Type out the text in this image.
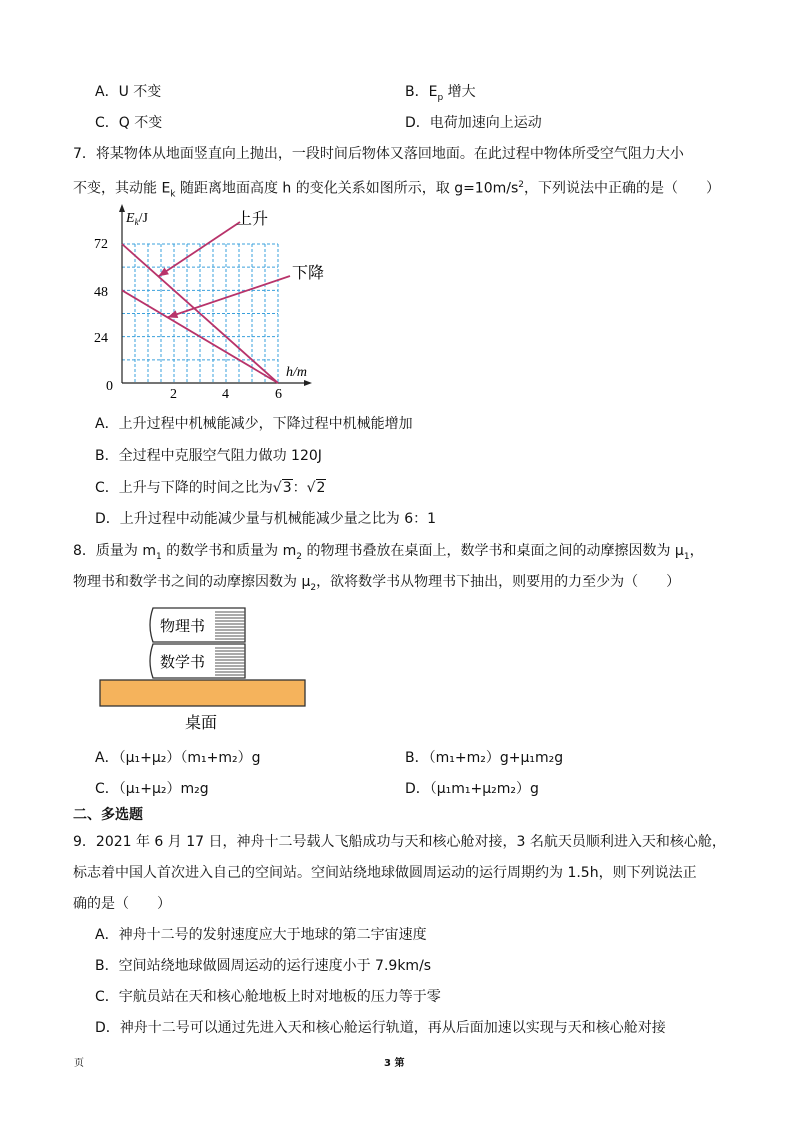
A．U 不变	B．$E_p$ 增大
C．Q 不变	D．电荷加速向上运动
7．将某物体从地面竖直向上抛出，一段时间后物体又落回地面。在此过程中物体所受空气阻力大小
不变，其动能 $E_k$ 随距离地面高度 h 的变化关系如图所示，取 $g=10m/s^2$，下列说法中正确的是（　　）
$E_k/J$
h/m
72
48
24
0
2	4	6
上升
下降
A．上升过程中机械能减少，下降过程中机械能增加
B．全过程中克服空气阻力做功 120J
C．上升与下降的时间之比为√3：√2
D．上升过程中动能减少量与机械能减少量之比为 6：1
8．质量为 $m_1$ 的数学书和质量为 $m_2$ 的物理书叠放在桌面上，数学书和桌面之间的动摩擦因数为 $\mu_1$，
物理书和数学书之间的动摩擦因数为 $\mu_2$，欲将数学书从物理书下抽出，则要用的力至少为（　　）
物理书
数学书
桌面
A．（μ₁+μ₂）（m₁+m₂）g	B．（m₁+m₂）g+μ₁m₂g
C．（μ₁+μ₂）m₂g	D．（μ₁m₁+μ₂m₂）g
二、多选题
9．2021 年 6 月 17 日，神舟十二号载人飞船成功与天和核心舱对接，3 名航天员顺利进入天和核心舱，
标志着中国人首次进入自己的空间站。空间站绕地球做圆周运动的运行周期约为 1.5h，则下列说法正
确的是（　　）
A．神舟十二号的发射速度应大于地球的第二宇宙速度
B．空间站绕地球做圆周运动的运行速度小于 7.9km/s
C．宇航员站在天和核心舱地板上时对地板的压力等于零
D．神舟十二号可以通过先进入天和核心舱运行轨道，再从后面加速以实现与天和核心舱对接
页	3 第
